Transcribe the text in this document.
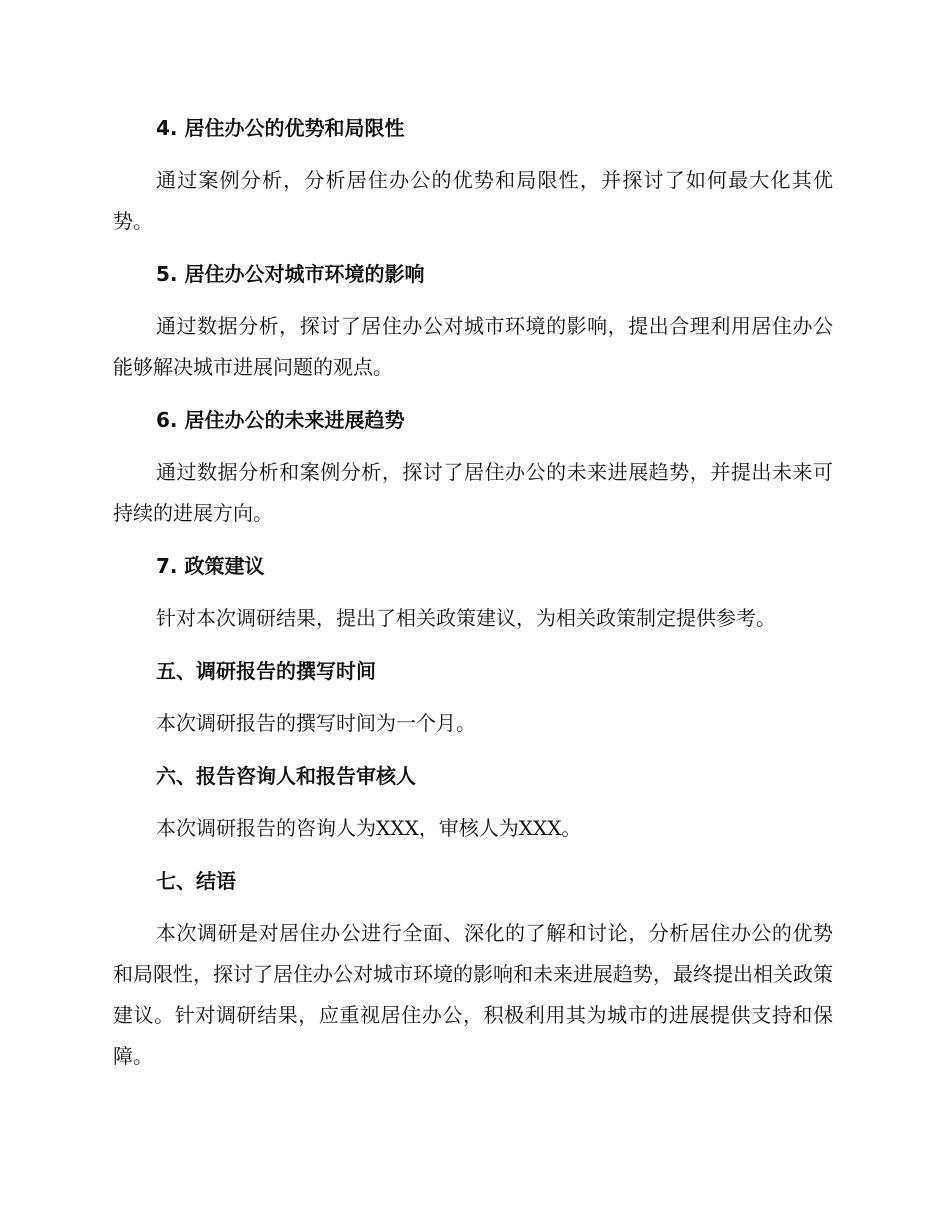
4. 居住办公的优势和局限性

通过案例分析，分析居住办公的优势和局限性，并探讨了如何最大化其优势。

5. 居住办公对城市环境的影响

通过数据分析，探讨了居住办公对城市环境的影响，提出合理利用居住办公能够解决城市进展问题的观点。

6. 居住办公的未来进展趋势

通过数据分析和案例分析，探讨了居住办公的未来进展趋势，并提出未来可持续的进展方向。

7. 政策建议

针对本次调研结果，提出了相关政策建议，为相关政策制定提供参考。

五、调研报告的撰写时间

本次调研报告的撰写时间为一个月。

六、报告咨询人和报告审核人

本次调研报告的咨询人为XXX，审核人为XXX。

七、结语

本次调研是对居住办公进行全面、深化的了解和讨论，分析居住办公的优势和局限性，探讨了居住办公对城市环境的影响和未来进展趋势，最终提出相关政策建议。针对调研结果，应重视居住办公，积极利用其为城市的进展提供支持和保障。
